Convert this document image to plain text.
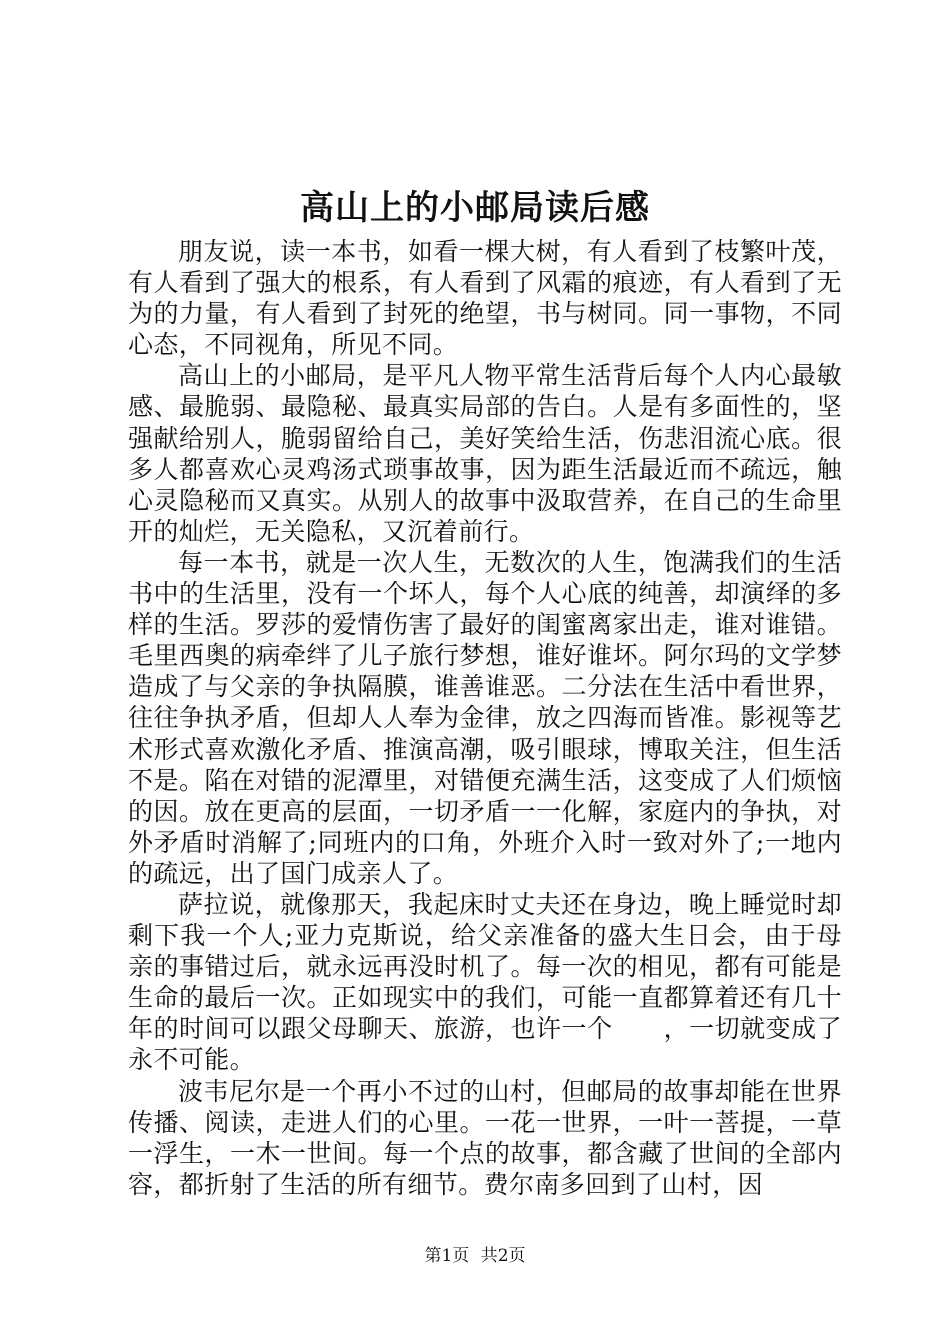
高山上的小邮局读后感

朋友说，读一本书，如看一棵大树，有人看到了枝繁叶茂，有人看到了强大的根系，有人看到了风霜的痕迹，有人看到了无为的力量，有人看到了封死的绝望，书与树同。同一事物，不同心态，不同视角，所见不同。

高山上的小邮局，是平凡人物平常生活背后每个人内心最敏感、最脆弱、最隐秘、最真实局部的告白。人是有多面性的，坚强献给别人，脆弱留给自己，美好笑给生活，伤悲泪流心底。很多人都喜欢心灵鸡汤式琐事故事，因为距生活最近而不疏远，触心灵隐秘而又真实。从别人的故事中汲取营养，在自己的生命里开的灿烂，无关隐私，又沉着前行。

每一本书，就是一次人生，无数次的人生，饱满我们的生活书中的生活里，没有一个坏人，每个人心底的纯善，却演绎的多样的生活。罗莎的爱情伤害了最好的闺蜜离家出走，谁对谁错。毛里西奥的病牵绊了儿子旅行梦想，谁好谁坏。阿尔玛的文学梦造成了与父亲的争执隔膜，谁善谁恶。二分法在生活中看世界，往往争执矛盾，但却人人奉为金律，放之四海而皆准。影视等艺术形式喜欢激化矛盾、推演高潮，吸引眼球，博取关注，但生活不是。陷在对错的泥潭里，对错便充满生活，这变成了人们烦恼的因。放在更高的层面，一切矛盾一一化解，家庭内的争执，对外矛盾时消解了;同班内的口角，外班介入时一致对外了;一地内的疏远，出了国门成亲人了。

萨拉说，就像那天，我起床时丈夫还在身边，晚上睡觉时却剩下我一个人;亚力克斯说，给父亲准备的盛大生日会，由于母亲的事错过后，就永远再没时机了。每一次的相见，都有可能是生命的最后一次。正如现实中的我们，可能一直都算着还有几十年的时间可以跟父母聊天、旅游，也许一个　　，一切就变成了永不可能。

波韦尼尔是一个再小不过的山村，但邮局的故事却能在世界传播、阅读，走进人们的心里。一花一世界，一叶一菩提，一草一浮生，一木一世间。每一个点的故事，都含藏了世间的全部内容，都折射了生活的所有细节。费尔南多回到了山村，因

第1页 共2页
